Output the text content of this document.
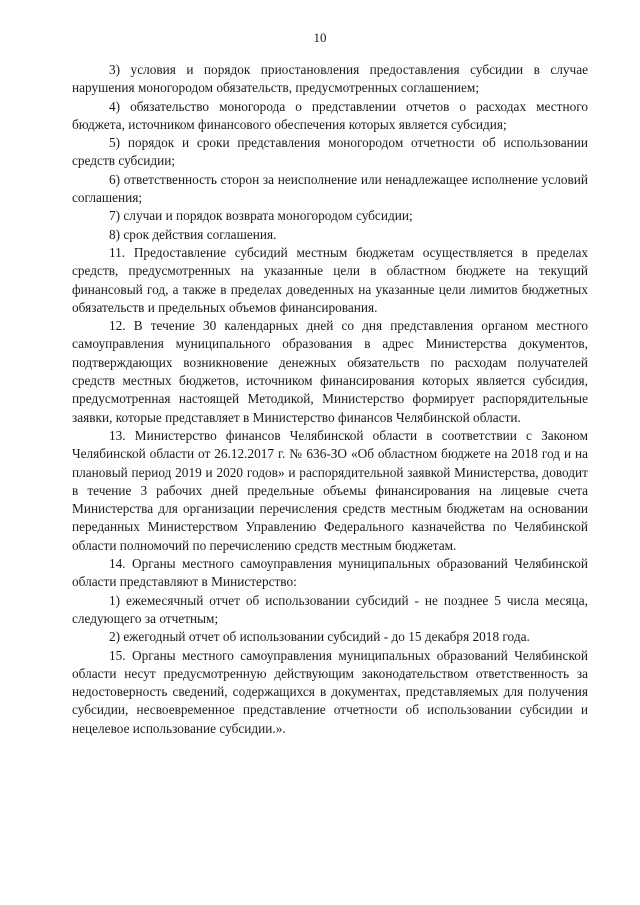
10

3) условия и порядок приостановления предоставления субсидии в случае нарушения моногородом обязательств, предусмотренных соглашением;

4) обязательство моногорода о представлении отчетов о расходах местного бюджета, источником финансового обеспечения которых является субсидия;

5) порядок и сроки представления моногородом отчетности об использовании средств субсидии;

6) ответственность сторон за неисполнение или ненадлежащее исполнение условий соглашения;

7) случаи и порядок возврата моногородом субсидии;

8) срок действия соглашения.

11. Предоставление субсидий местным бюджетам осуществляется в пределах средств, предусмотренных на указанные цели в областном бюджете на текущий финансовый год, а также в пределах доведенных на указанные цели лимитов бюджетных обязательств и предельных объемов финансирования.

12. В течение 30 календарных дней со дня представления органом местного самоуправления муниципального образования в адрес Министерства документов, подтверждающих возникновение денежных обязательств по расходам получателей средств местных бюджетов, источником финансирования которых является субсидия, предусмотренная настоящей Методикой, Министерство формирует распорядительные заявки, которые представляет в Министерство финансов Челябинской области.

13. Министерство финансов Челябинской области в соответствии с Законом Челябинской области от 26.12.2017 г. № 636-ЗО «Об областном бюджете на 2018 год и на плановый период 2019 и 2020 годов» и распорядительной заявкой Министерства, доводит в течение 3 рабочих дней предельные объемы финансирования на лицевые счета Министерства для организации перечисления средств местным бюджетам на основании переданных Министерством Управлению Федерального казначейства по Челябинской области полномочий по перечислению средств местным бюджетам.

14. Органы местного самоуправления муниципальных образований Челябинской области представляют в Министерство:

1) ежемесячный отчет об использовании субсидий - не позднее 5 числа месяца, следующего за отчетным;

2) ежегодный отчет об использовании субсидий - до 15 декабря 2018 года.

15. Органы местного самоуправления муниципальных образований Челябинской области несут предусмотренную действующим законодательством ответственность за недостоверность сведений, содержащихся в документах, представляемых для получения субсидии, несвоевременное представление отчетности об использовании субсидии и нецелевое использование субсидии.».
